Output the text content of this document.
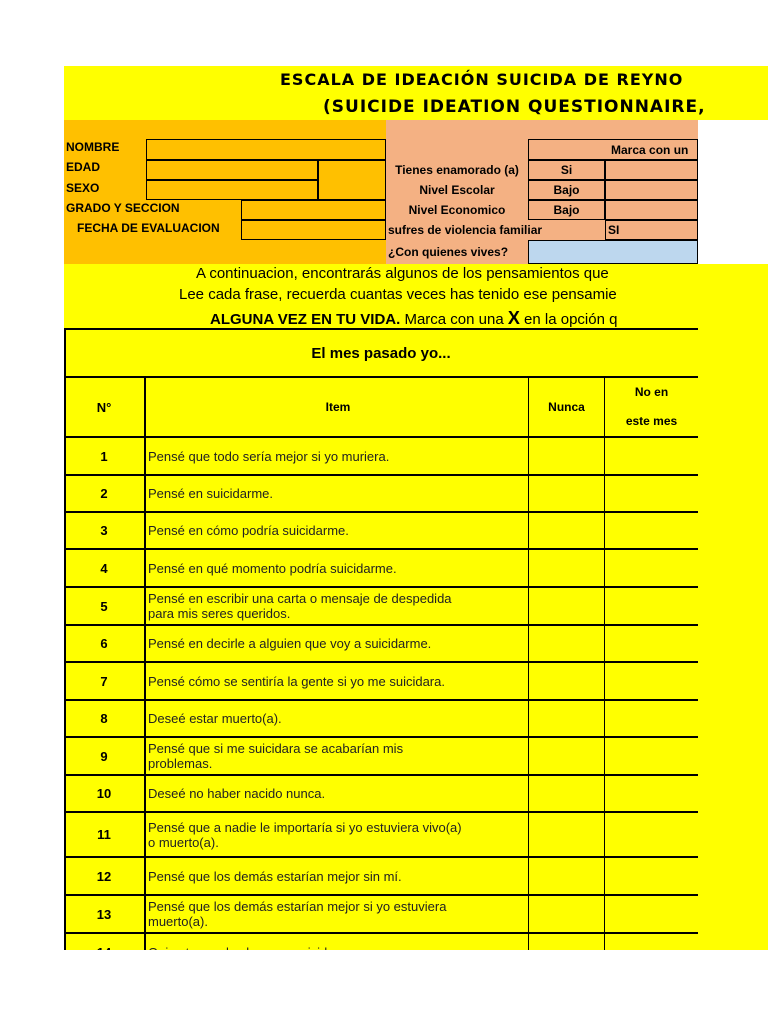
ESCALA DE IDEACIÓN SUICIDA DE REYNO
(SUICIDE IDEATION QUESTIONNAIRE,
NOMBRE
EDAD
SEXO
GRADO Y SECCION
FECHA DE EVALUACION
Marca con un
Tienes enamorado (a)	Si
Nivel Escolar	Bajo
Nivel Economico	Bajo
sufres de violencia familiar	SI
¿Con quienes vives?
A continuacion, encontrarás algunos de los pensamientos que
Lee cada frase, recuerda cuantas veces has tenido ese pensamie
ALGUNA VEZ EN TU VIDA. Marca con una X en la opción q
El mes pasado yo...
N°	Item	Nunca
No en
este mes
1	Pensé que todo sería mejor si yo muriera.
2	Pensé en suicidarme.
3	Pensé en cómo podría suicidarme.
4	Pensé en qué momento podría suicidarme.
5	Pensé en escribir una carta o mensaje de despedida
para mis seres queridos.
6	Pensé en decirle a alguien que voy a suicidarme.
7	Pensé cómo se sentiría la gente si yo me suicidara.
8	Deseé estar muerto(a).
9	Pensé que si me suicidara se acabarían mis
problemas.
10	Deseé no haber nacido nunca.
11	Pensé que a nadie le importaría si yo estuviera vivo(a)
o muerto(a).
12	Pensé que los demás estarían mejor sin mí.
13	Pensé que los demás estarían mejor si yo estuviera
muerto(a).
